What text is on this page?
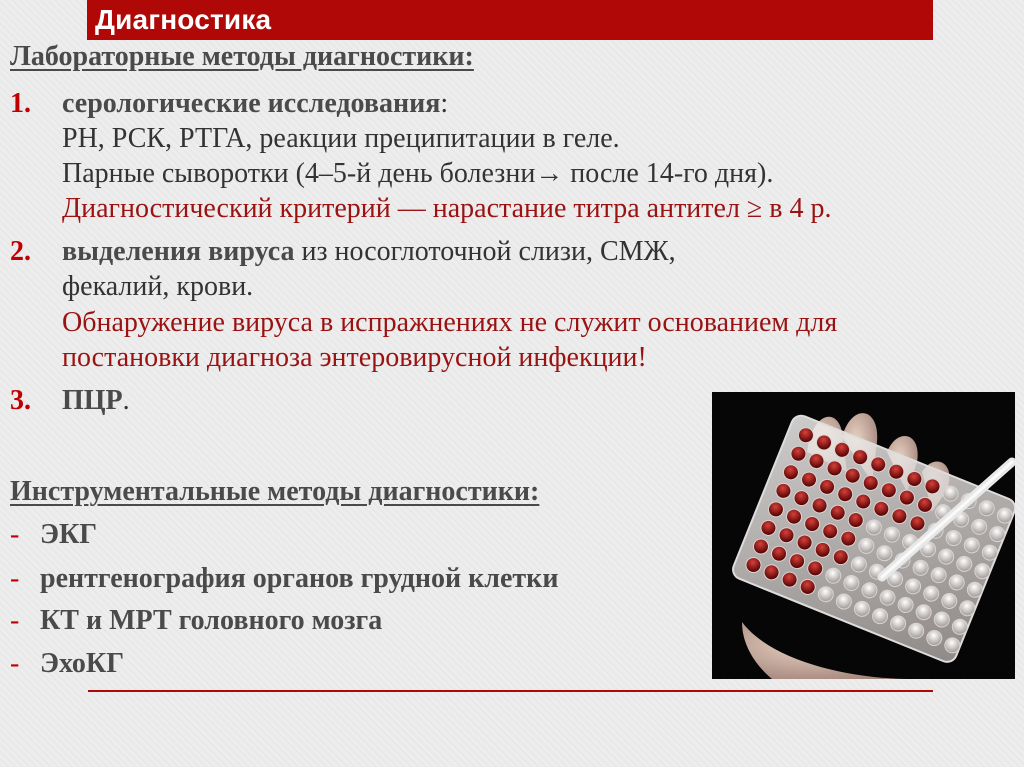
Диагностика
Лабораторные методы диагностики:
1. серологические исследования:
РН, РСК, РТГА, реакции преципитации в геле.
Парные сыворотки (4–5-й день болезни→ после 14-го дня).
Диагностический критерий — нарастание титра антител ≥ в 4 р.
2. выделения вируса из носоглоточной слизи, СМЖ,
фекалий, крови.
Обнаружение вируса в испражнениях не служит основанием для
постановки диагноза энтеровирусной инфекции!
3. ПЦР.
Инструментальные методы диагностики:
- ЭКГ
- рентгенография органов грудной клетки
- КТ и МРТ головного мозга
- ЭхоКГ
